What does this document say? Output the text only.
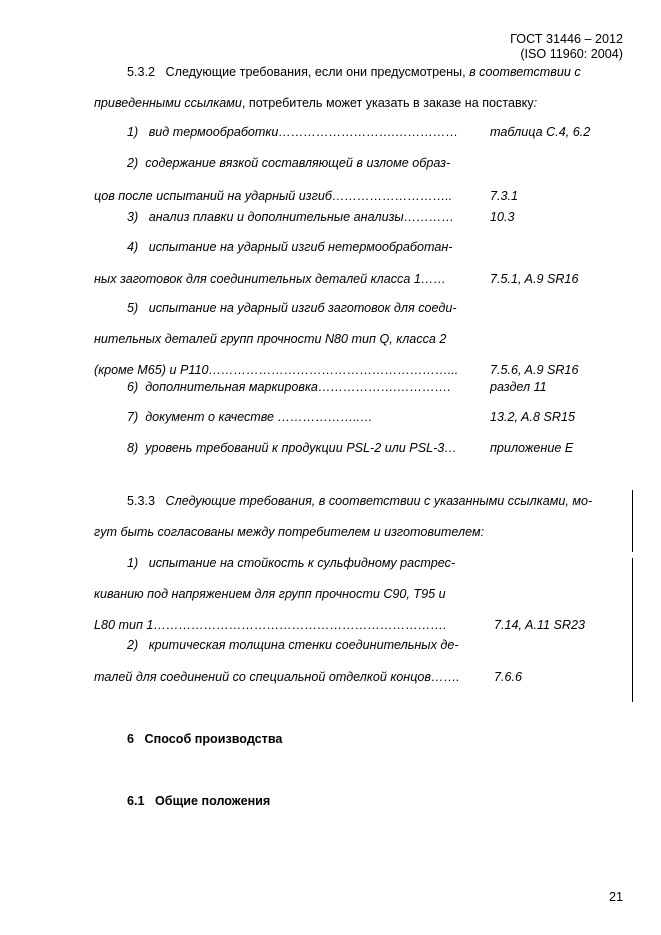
ГОСТ 31446 – 2012
(ISO 11960: 2004)
5.3.2 Следующие требования, если они предусмотрены, в соответствии с
приведенными ссылками, потребитель может указать в заказе на поставку:
1)   вид термообработки……………………….……………	таблица C.4, 6.2
2)  содержание вязкой составляющей в изломе образ-
цов после испытаний на ударный изгиб………………………..	7.3.1
3)   анализ плавки и дополнительные анализы…………	10.3
4)   испытание на ударный изгиб нетермообработан-
ных заготовок для соединительных деталей класса 1……	7.5.1, A.9 SR16
5)   испытание на ударный изгиб заготовок для соеди-
нительных деталей групп прочности N80 тип Q, класса 2
(кроме M65) и P110…………………………………………………...	7.5.6, A.9 SR16
6)  дополнительная маркировка……………….………….	раздел 11
7)  документ о качестве ………………..…	13.2, A.8 SR15
8)  уровень требований к продукции PSL-2 или PSL-3…	приложение E
5.3.3 Следующие требования, в соответствии с указанными ссылками, мо-
гут быть согласованы между потребителем и изготовителем:
1)   испытание на стойкость к сульфидному растрес-
киванию под напряжением для групп прочности C90, T95 и
L80 тип 1…………………………………………………………….	7.14, A.11 SR23
2)   критическая толщина стенки соединительных де-
талей для соединений со специальной отделкой концов…….	7.6.6
6 Способ производства
6.1 Общие положения
21
